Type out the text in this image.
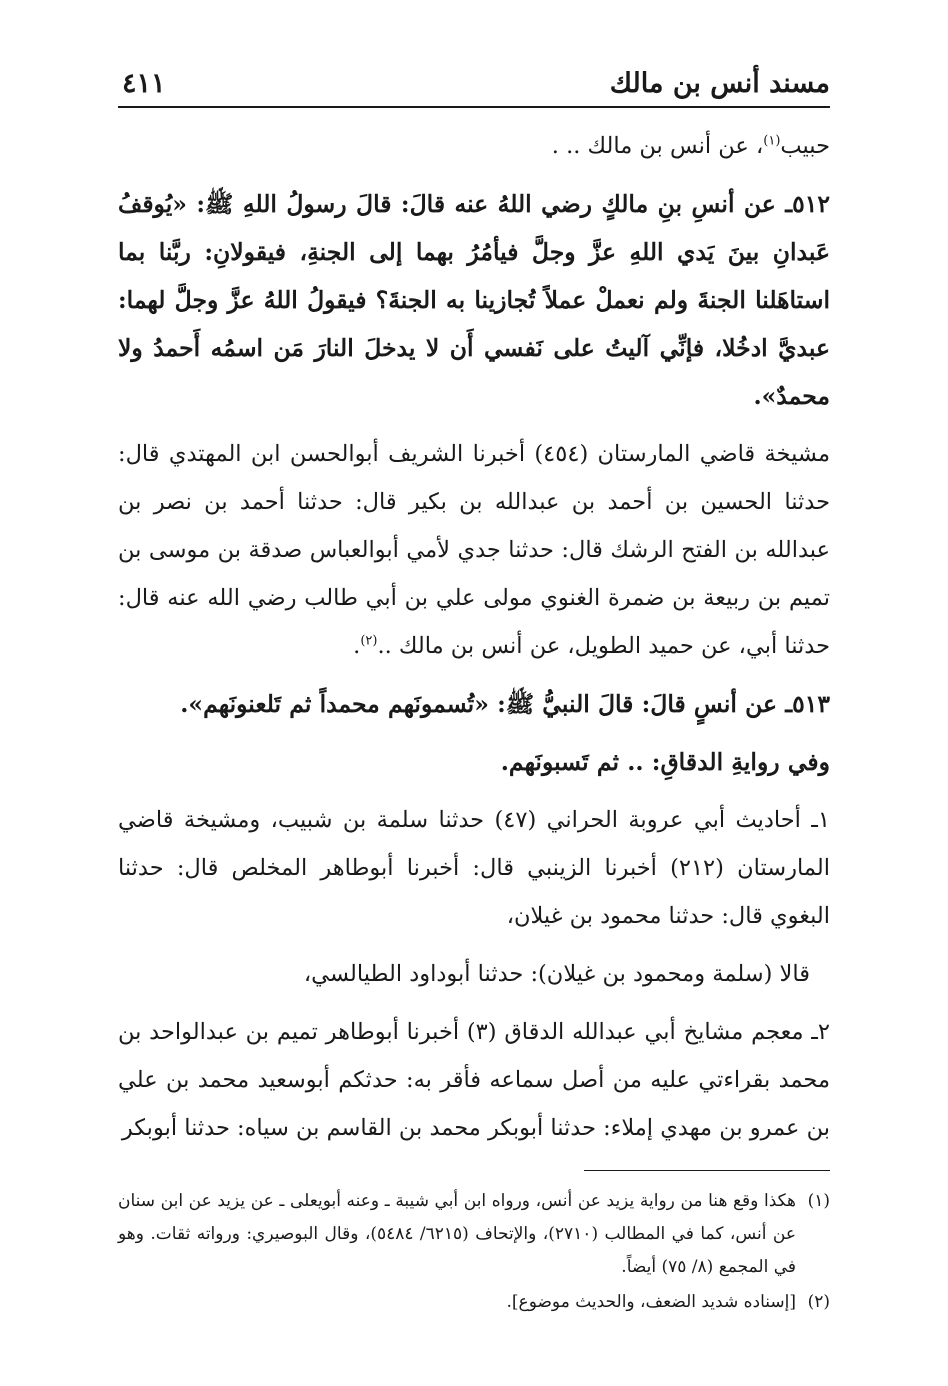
مسند أنس بن مالك
٤١١

حبيب$^{(١)}$، عن أنس بن مالك .. .

٥١٢ـ عن أنسِ بنِ مالكٍ رضي اللهُ عنه قالَ: قالَ رسولُ اللهِ ﷺ: «يُوقفُ عَبدانِ بينَ يَدي اللهِ عزَّ وجلَّ فيأمُرُ بهما إلى الجنةِ، فيقولانِ: ربَّنا بما استاهَلنا الجنةَ ولم نعملْ عملاً تُجازينا به الجنةَ؟ فيقولُ اللهُ عزَّ وجلَّ لهما: عبديَّ ادخُلا، فإنِّي آليتُ على نَفسي أَن لا يدخلَ النارَ مَن اسمُه أَحمدُ ولا محمدٌ».

مشيخة قاضي المارستان (٤٥٤) أخبرنا الشريف أبوالحسن ابن المهتدي قال: حدثنا الحسين بن أحمد بن عبدالله بن بكير قال: حدثنا أحمد بن نصر بن عبدالله بن الفتح الرشك قال: حدثنا جدي لأمي أبوالعباس صدقة بن موسى بن تميم بن ربيعة بن ضمرة الغنوي مولى علي بن أبي طالب رضي الله عنه قال: حدثنا أبي، عن حميد الطويل، عن أنس بن مالك ..$^{(٢)}$.

٥١٣ـ عن أنسٍ قالَ: قالَ النبيُّ ﷺ: «تُسمونَهم محمداً ثم تَلعنونَهم».

وفي روايةِ الدقاقِ: .. ثم تَسبونَهم.

١ـ أحاديث أبي عروبة الحراني (٤٧) حدثنا سلمة بن شبيب، ومشيخة قاضي المارستان (٢١٢) أخبرنا الزينبي قال: أخبرنا أبوطاهر المخلص قال: حدثنا البغوي قال: حدثنا محمود بن غيلان،

قالا (سلمة ومحمود بن غيلان): حدثنا أبوداود الطيالسي،

٢ـ معجم مشايخ أبي عبدالله الدقاق (٣) أخبرنا أبوطاهر تميم بن عبدالواحد بن محمد بقراءتي عليه من أصل سماعه فأقر به: حدثكم أبوسعيد محمد بن علي بن عمرو بن مهدي إملاء: حدثنا أبوبكر محمد بن القاسم بن سياه: حدثنا أبوبكر

(١)
هكذا وقع هنا من رواية يزيد عن أنس، ورواه ابن أبي شيبة ـ وعنه أبويعلى ـ عن يزيد عن ابن سنان عن أنس، كما في المطالب (٢٧١٠)، والإتحاف (٦٢١٥/ ٥٤٨٤)، وقال البوصيري: ورواته ثقات. وهو في المجمع (٨/ ٧٥) أيضاً.
(٢)
[إسناده شديد الضعف، والحديث موضوع].
